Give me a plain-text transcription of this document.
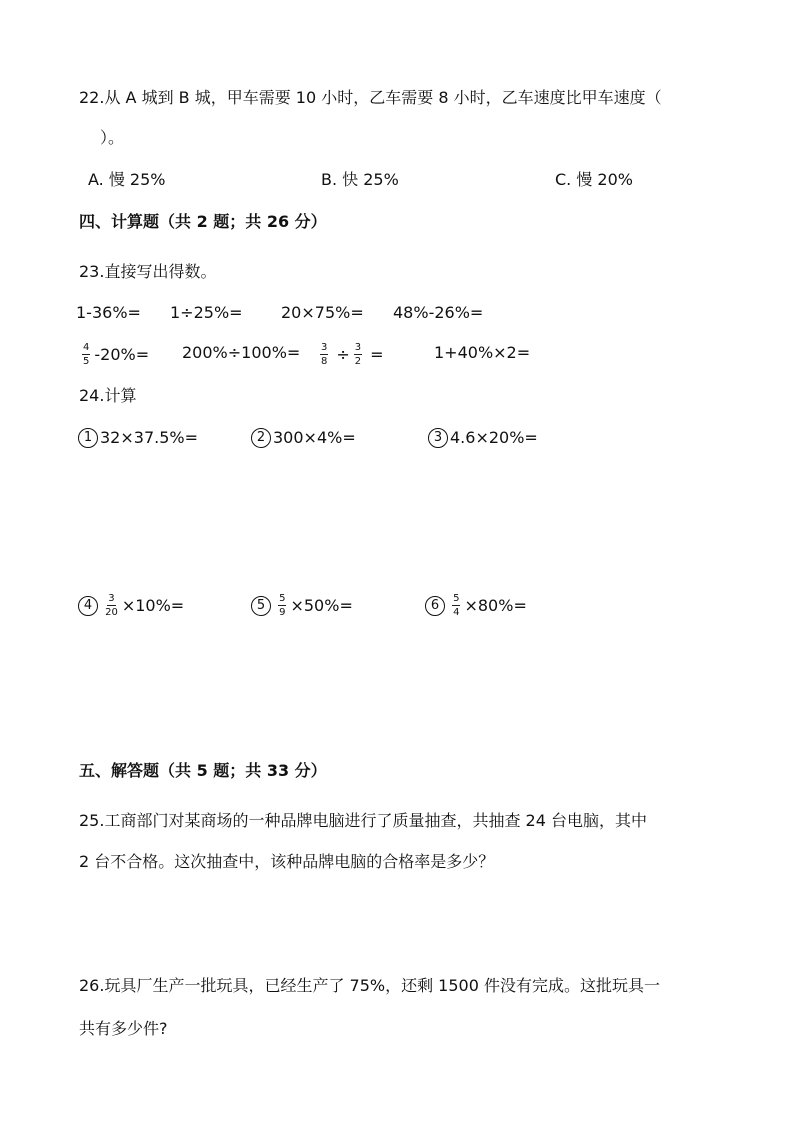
22.从 A 城到 B 城，甲车需要 10 小时，乙车需要 8 小时，乙车速度比甲车速度（
）。
A. 慢 25%	B. 快 25%	C. 慢 20%
四、计算题（共 2 题；共 26 分）
23.直接写出得数。
1-36%= 1÷25%= 20×75%= 48%-26%=
$\frac{4}{5} -20\%= 200\%\div 100\%= \frac{3}{8} \div \frac{3}{2}$ =	1+40%×2=
24.计算
1 32×37.5%=	2 300×4%=	3 4.6×20%=
$4 \frac{3}{20} \times 10\%=$	$5 \frac{5}{9} \times 50\%=$	$6 \frac{5}{4} \times 80\%=$
五、解答题（共 5 题；共 33 分）
25.工商部门对某商场的一种品牌电脑进行了质量抽查，共抽查 24 台电脑，其中
2 台不合格。这次抽查中，该种品牌电脑的合格率是多少？
26.玩具厂生产一批玩具，已经生产了 75%，还剩 1500 件没有完成。这批玩具一
共有多少件?
